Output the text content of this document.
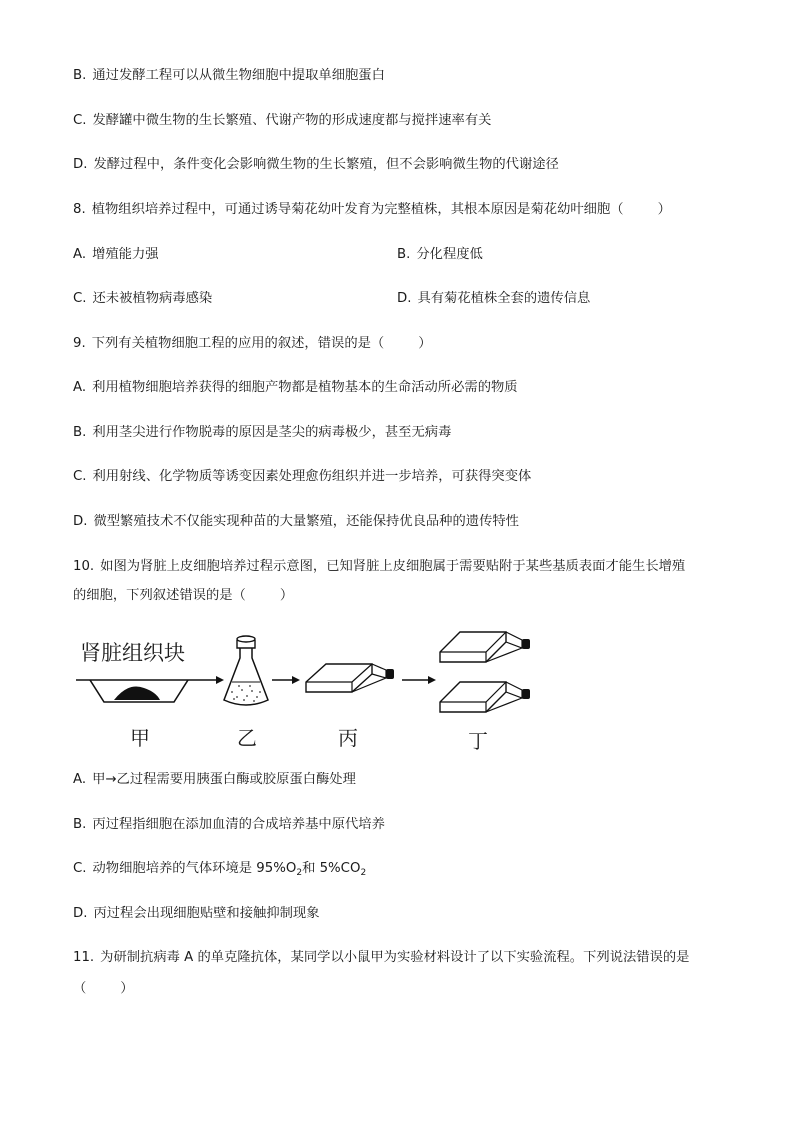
B. 通过发酵工程可以从微生物细胞中提取单细胞蛋白
C. 发酵罐中微生物的生长繁殖、代谢产物的形成速度都与搅拌速率有关
D. 发酵过程中，条件变化会影响微生物的生长繁殖，但不会影响微生物的代谢途径
8. 植物组织培养过程中，可通过诱导菊花幼叶发育为完整植株，其根本原因是菊花幼叶细胞（	）
A. 增殖能力强	B. 分化程度低
C. 还未被植物病毒感染	D. 具有菊花植株全套的遗传信息
9. 下列有关植物细胞工程的应用的叙述，错误的是（	）
A. 利用植物细胞培养获得的细胞产物都是植物基本的生命活动所必需的物质
B. 利用茎尖进行作物脱毒的原因是茎尖的病毒极少，甚至无病毒
C. 利用射线、化学物质等诱变因素处理愈伤组织并进一步培养，可获得突变体
D. 微型繁殖技术不仅能实现种苗的大量繁殖，还能保持优良品种的遗传特性
10. 如图为肾脏上皮细胞培养过程示意图，已知肾脏上皮细胞属于需要贴附于某些基质表面才能生长增殖
的细胞，下列叙述错误的是（	）
肾脏组织块
甲	乙	丙	丁
A. 甲→乙过程需要用胰蛋白酶或胶原蛋白酶处理
B. 丙过程指细胞在添加血清的合成培养基中原代培养
C. 动物细胞培养的气体环境是 $95\%O_2$和 $5\%CO_2$
D. 丙过程会出现细胞贴壁和接触抑制现象
11. 为研制抗病毒 A 的单克隆抗体，某同学以小鼠甲为实验材料设计了以下实验流程。下列说法错误的是
（	）
